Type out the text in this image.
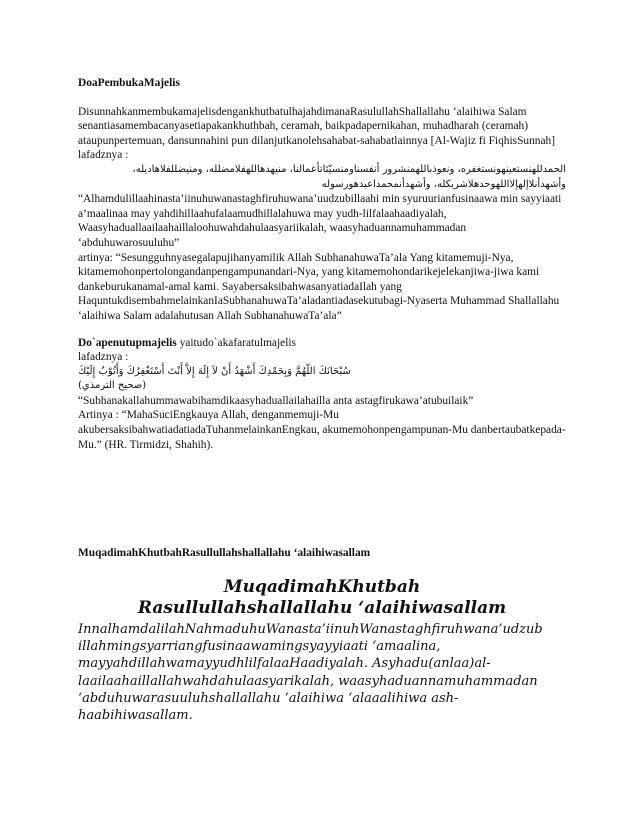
DoaPembukaMajelis

Disunnahkanmembukamajelisdengankhutbatulhajahdimana​RasulullahShallallahu ‘alaihiwa Salam senantiasamembacanyasetiapakankhuthbah, ceramah, baikpadapernikahan, muhadharah (ceramah) ataupunpertemuan, dansunnahini pun dilanjutkanolehsahabat-sahabatlainnya [Al-Wajiz fi FiqhisSunnah]

lafadznya :

الحمدللهنستعينهونستغفره، ونعوذباللهمنشرور أنفسناومنسيّئاتأعمالنا، منيهدهاللهفلامضلله، ومنيضللفلاهاديله،

وأشهدأنلاإلهإلااللهوحدهلاشريكله، وأشهدأنمحمداعبدهورسوله

“Alhamdulillaahinasta’iinuhuwanastaghfiruhuwana’uudzubillaahi min syuruurianfusinaawa min sayyiaati a’maalinaa may yahdihillaahufalaamudhillalahuwa may yudh-lilfalaahaadiyalah, Waasyhaduallaailaahaillaloohuwahdahulaasyariikalah, waasyhaduannamuhammadan ‘abduhuwarosuuluhu”

artinya: “Sesungguhnyasegalapujihanyamilik Allah SubhanahuwaTa’ala Yang kitamemuji-Nya, kitamemohonpertolongandanpengampunandari-Nya, yang kitamemohondarikejelekanjiwa-jiwa kami dankeburukanamal-amal kami. Sayabersaksibahwasanyatiada​Ilah yang HaquntukdisembahmelainkanIaSubhanahuwaTa’aladantiadasekutubagi-Nyaserta Muhammad Shallallahu ‘alaihiwa Salam adalahutusan Allah SubhanahuwaTa’ala”

Do`apenutupmajelis yaitudo`akafaratulmajelis

lafadznya :

سُبْحَانَكَ اللّهُمَّ وَبِحَمْدِكَ أَشْهَدُ أَنْ لاَ إِلَهَ إِلاَّ أَنْتَ أَسْتَغْفِرُكَ وَأَتُوْبُ إِلَيْكَ

(صحيح الترمذي)

“Subhanakallahummawabihamdikaasyhaduallailahailla anta astagfirukawa’atubuilaik”

Artinya : “MahaSuciEngkauya Allah, denganmemuji-Mu akubersaksibahwatiadatiadaTuhanmelainkanEngkau, akumemohonpengampunan-Mu danbertaubatkepada-Mu.” (HR. Tirmidzi, Shahih).

MuqadimahKhutbahRasullullahshallallahu ‘alaihiwasallam

MuqadimahKhutbah
Rasullullahshallallahu ‘alaihiwasallam
InnalhamdalilahNahmaduhuWanasta’iinuhWanastaghfiruhwana’udzub illahmingsyarriangfusinaawamingsyayyiaati ‘amaalina, mayyahdillahwamayyudhlilfalaaHaadiyalah. Asyhadu(anlaa)al-laailaahaillallahwahdahulaasyarikalah, waasyhaduannamuhammadan ‘abduhuwarasuuluhshallallahu ‘alaihiwa ‘alaaalihiwa ash-haabihiwasallam.
